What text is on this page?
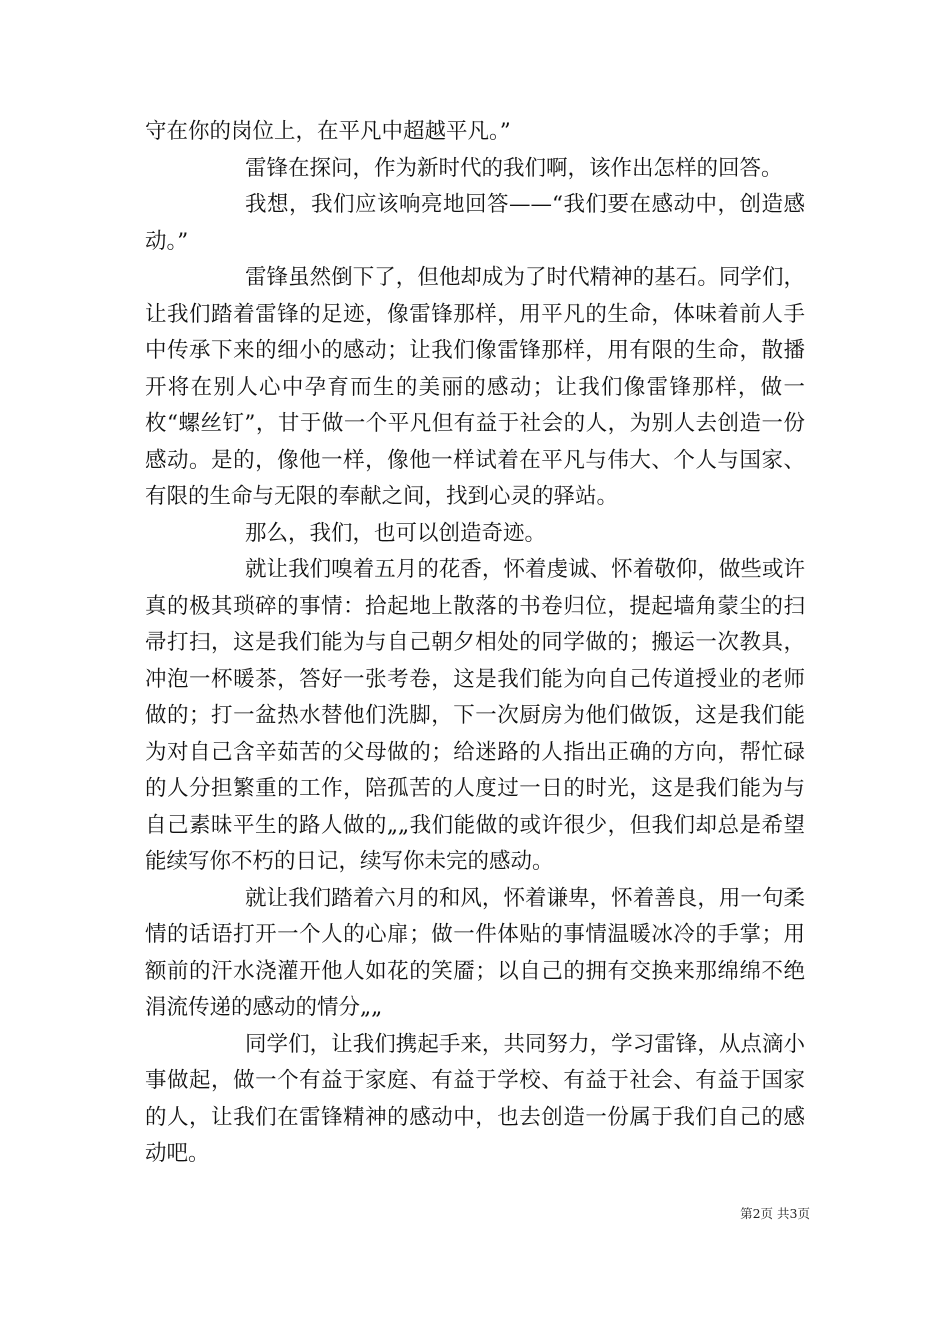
守在你的岗位上，在平凡中超越平凡。”

雷锋在探问，作为新时代的我们啊，该作出怎样的回答。

我想，我们应该响亮地回答——“我们要在感动中，创造感动。”

雷锋虽然倒下了，但他却成为了时代精神的基石。同学们，让我们踏着雷锋的足迹，像雷锋那样，用平凡的生命，体味着前人手中传承下来的细小的感动；让我们像雷锋那样，用有限的生命，散播开将在别人心中孕育而生的美丽的感动；让我们像雷锋那样，做一枚“螺丝钉”，甘于做一个平凡但有益于社会的人，为别人去创造一份感动。是的，像他一样，像他一样试着在平凡与伟大、个人与国家、有限的生命与无限的奉献之间，找到心灵的驿站。

那么，我们，也可以创造奇迹。

就让我们嗅着五月的花香，怀着虔诚、怀着敬仰，做些或许真的极其琐碎的事情：拾起地上散落的书卷归位，提起墙角蒙尘的扫帚打扫，这是我们能为与自己朝夕相处的同学做的；搬运一次教具，冲泡一杯暖茶，答好一张考卷，这是我们能为向自己传道授业的老师做的；打一盆热水替他们洗脚，下一次厨房为他们做饭，这是我们能为对自己含辛茹苦的父母做的；给迷路的人指出正确的方向，帮忙碌的人分担繁重的工作，陪孤苦的人度过一日的时光，这是我们能为与自己素昧平生的路人做的„„我们能做的或许很少，但我们却总是希望能续写你不朽的日记，续写你未完的感动。

就让我们踏着六月的和风，怀着谦卑，怀着善良，用一句柔情的话语打开一个人的心扉；做一件体贴的事情温暖冰冷的手掌；用额前的汗水浇灌开他人如花的笑靥；以自己的拥有交换来那绵绵不绝涓流传递的感动的情分„„

同学们，让我们携起手来，共同努力，学习雷锋，从点滴小事做起，做一个有益于家庭、有益于学校、有益于社会、有益于国家的人，让我们在雷锋精神的感动中，也去创造一份属于我们自己的感动吧。

第2页 共3页
